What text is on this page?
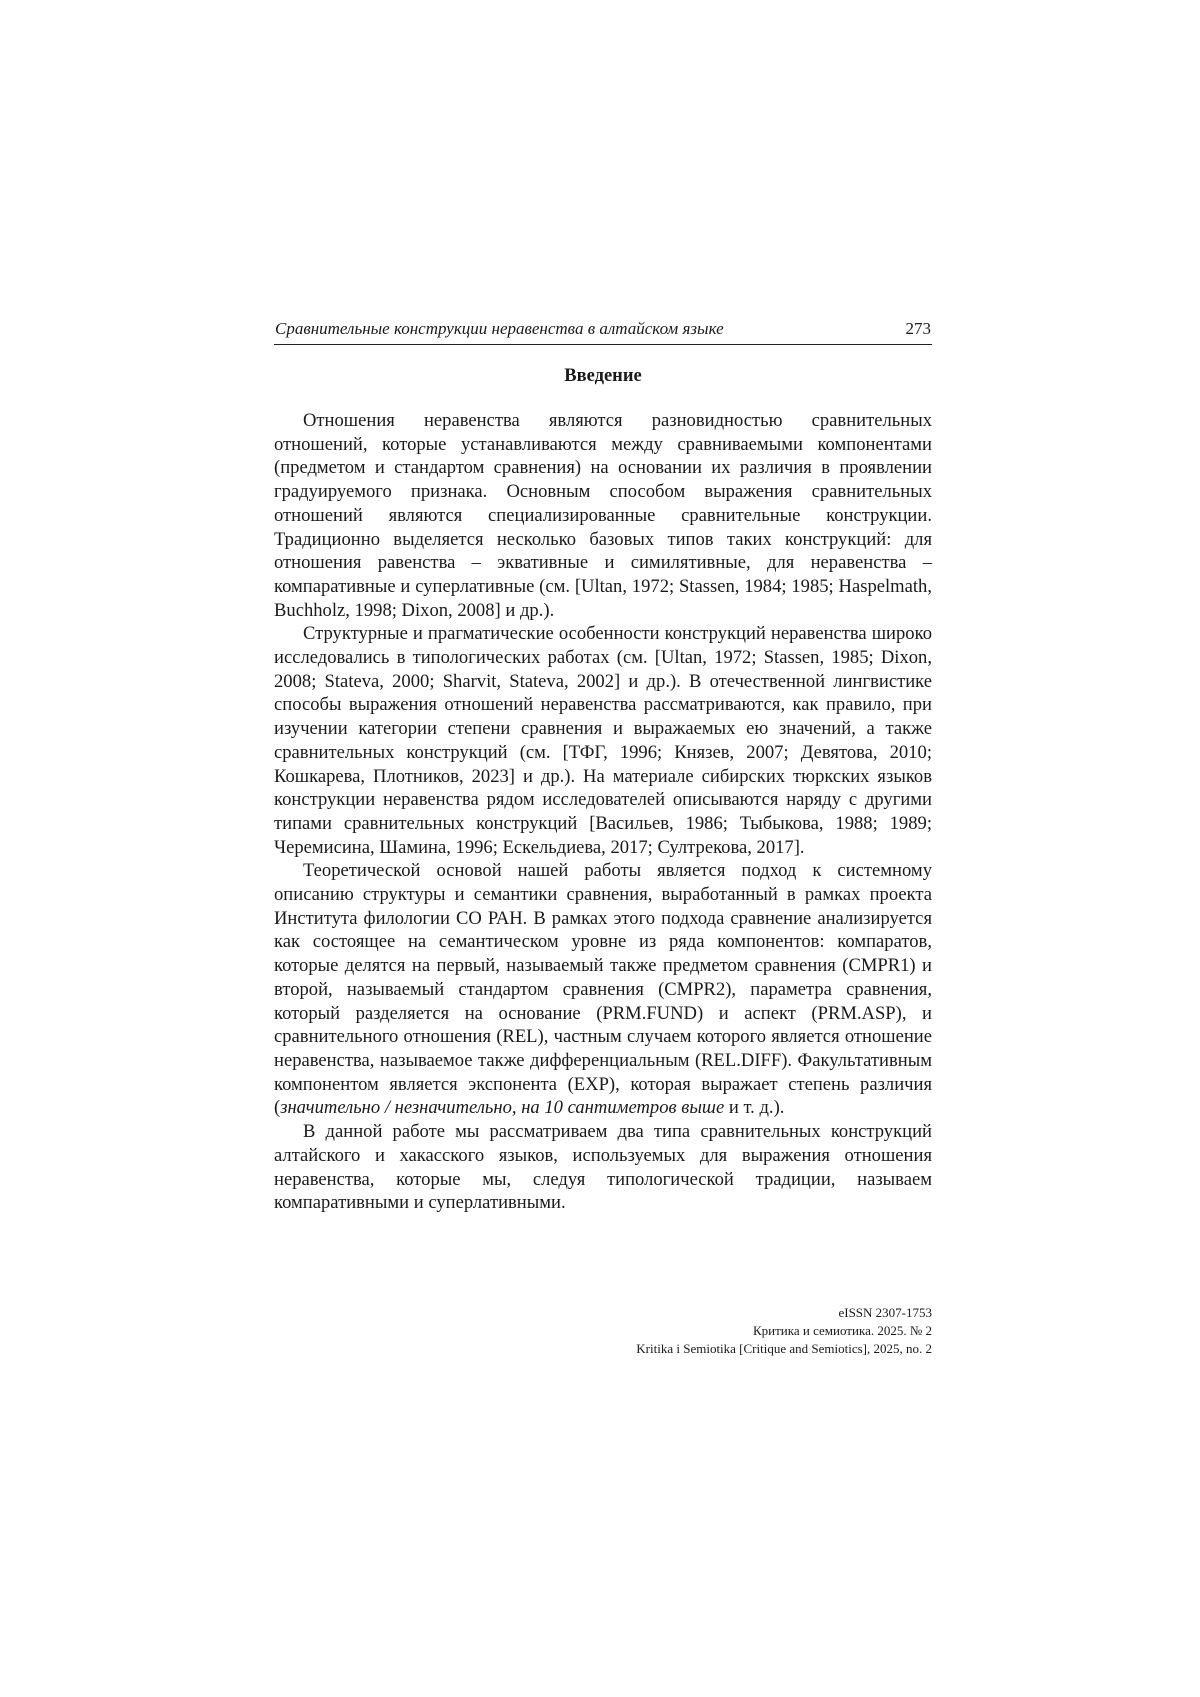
Сравнительные конструкции неравенства в алтайском языке	273
Введение

Отношения неравенства являются разновидностью сравнительных отношений, которые устанавливаются между сравниваемыми компонентами (предметом и стандартом сравнения) на основании их различия в проявлении градуируемого признака. Основным способом выражения сравнительных отношений являются специализированные сравнительные конструкции. Традиционно выделяется несколько базовых типов таких конструкций: для отношения равенства – экватив­ные и симилятивные, для неравенства – компаративные и суперлативные (см. [Ultan, 1972; Stassen, 1984; 1985; Haspelmath, Buchholz, 1998; Dixon, 2008] и др.).

Структурные и прагматические особенности конструкций неравенства широко исследовались в типологических работах (см. [Ultan, 1972; Stassen, 1985; Dixon, 2008; Stateva, 2000; Sharvit, Stateva, 2002] и др.). В отечественной лингвистике способы выражения отношений неравенства рассматриваются, как правило, при изучении категории степени сравнения и выражаемых ею значений, а также сравнительных конструкций (см. [ТФГ, 1996; Князев, 2007; Девятова, 2010; Кошкарева, Плотников, 2023] и др.). На материале сибирских тюркских языков конструкции неравенства рядом исследователей описываются наряду с другими типами сравнительных конструкций [Васильев, 1986; Тыбыкова, 1988; 1989; Черемисина, Шамина, 1996; Ескельдиева, 2017; Султрекова, 2017].

Теоретической основой нашей работы является подход к системному описанию структуры и семантики сравнения, выработанный в рамках проекта Института филологии СО РАН. В рамках этого подхода сравнение анализируется как состоящее на семантическом уровне из ряда компонентов: компаратов, которые делятся на первый, называемый также предметом сравнения (CMPR1) и второй, называемый стандартом сравнения (CMPR2), параметра сравнения, который разделяется на основание (PRM.FUND) и аспект (PRM.ASP), и сравнительного отношения (REL), частным случаем которого является отношение неравенства, называемое также дифференциальным (REL.DIFF). Факультативным компонентом является экспонента (EXP), которая выражает степень различия (значительно / незначительно, на 10 сантиметров выше и т. д.).

В данной работе мы рассматриваем два типа сравнительных конструкций алтайского и хакасского языков, используемых для выражения отношения неравенства, которые мы, следуя типологической традиции, называем компаративными и суперлативными.

eISSN 2307-1753
Критика и семиотика. 2025. № 2
Kritika i Semiotika [Critique and Semiotics], 2025, no. 2
